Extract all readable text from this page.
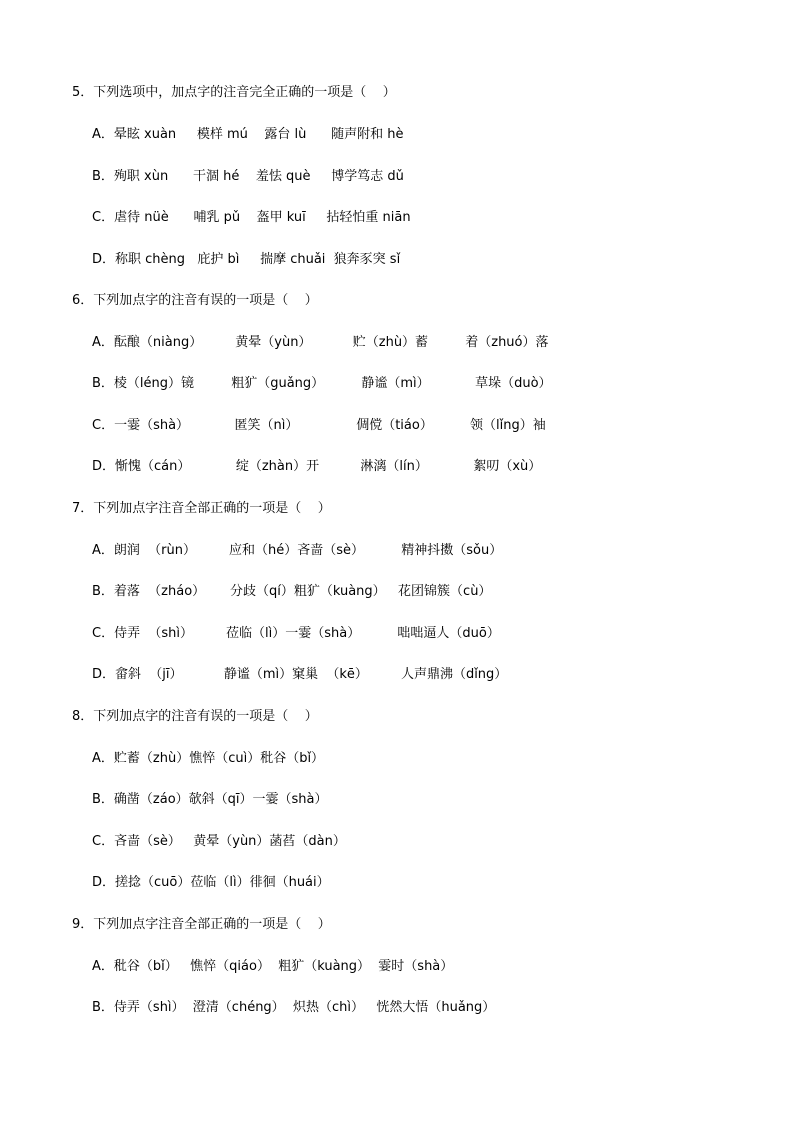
5．下列选项中，加点字的注音完全正确的一项是（    ）
A．晕眩 xuàn     模样 mú    露台 lù      随声附和 hè
B．殉职 xùn      干涸 hé    羞怯 què     博学笃志 dǔ
C．虐待 nüè      哺乳 pǔ    盔甲 kuī     拈轻怕重 niān
D．称职 chèng   庇护 bì     揣摩 chuǎi  狼奔豕突 sǐ
6．下列加点字的注音有误的一项是（    ）
A．酝酿（niàng）        黄晕（yùn）          贮（zhù）蓄         着（zhuó）落
B．棱（léng）镜         粗犷（guǎng）         静谧（mì）           草垛（duò）
C．一霎（shà）           匿笑（nì）              倜傥（tiáo）         领（lǐng）袖
D．惭愧（cán）           绽（zhàn）开          淋漓（lín）           絮叨（xù）
7．下列加点字注音全部正确的一项是（    ）
A．朗润  （rùn）        应和（hé）吝啬（sè）         精神抖擞（sǒu）
B．着落  （zháo）      分歧（qí）粗犷（kuàng）   花团锦簇（cù）
C．侍弄  （shì）        莅临（lì）一霎（shà）         咄咄逼人（duō）
D．畲斜  （jī）          静谧（mì）窠巢  （kē）        人声鼎沸（dǐng）
8．下列加点字的注音有误的一项是（    ）
A．贮蓄（zhù）憔悴（cuì）秕谷（bǐ）
B．确凿（záo）欹斜（qī）一霎（shà）
C．吝啬（sè）   黄晕（yùn）菡萏（dàn）
D．搓捻（cuō）莅临（lì）徘徊（huái）
9．下列加点字注音全部正确的一项是（    ）
A．秕谷（bǐ）   憔悴（qiáo）  粗犷（kuàng）  霎时（shà）
B．侍弄（shì）  澄清（chéng）  炽热（chì）   恍然大悟（huǎng）
